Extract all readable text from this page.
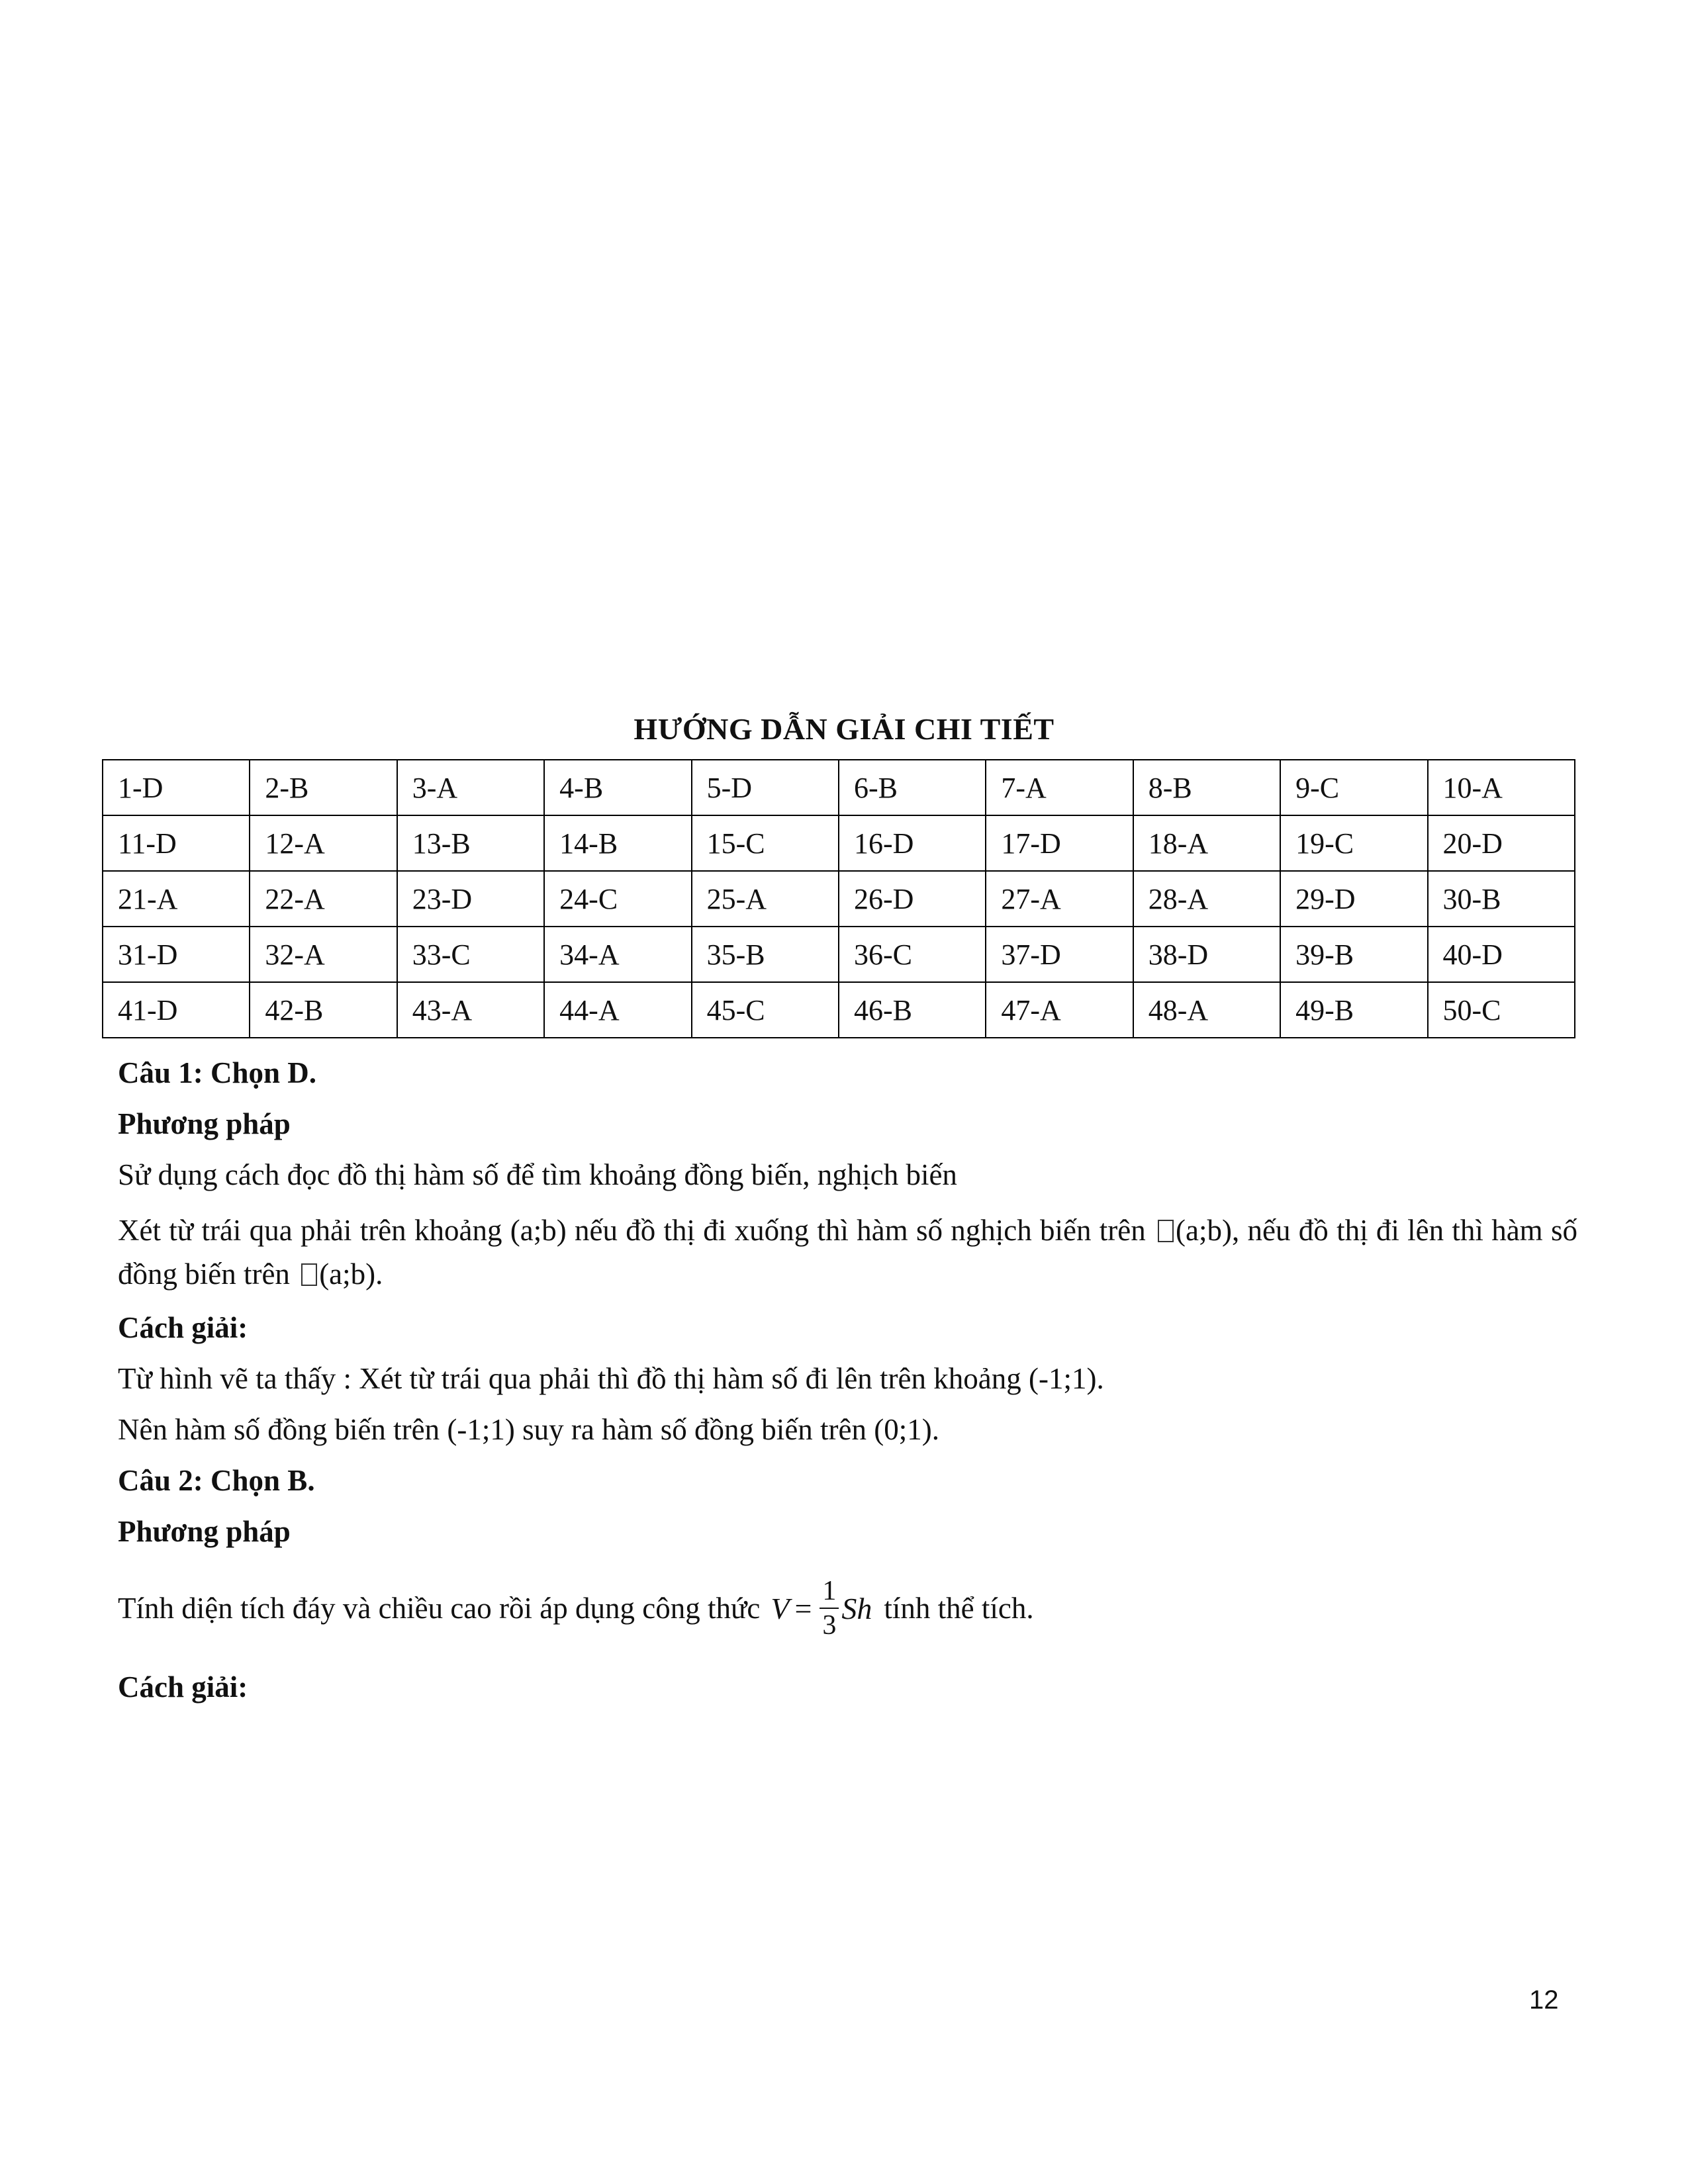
HƯỚNG DẪN GIẢI CHI TIẾT
1-D	2-B	3-A	4-B	5-D	6-B	7-A	8-B	9-C	10-A
11-D	12-A	13-B	14-B	15-C	16-D	17-D	18-A	19-C	20-D
21-A	22-A	23-D	24-C	25-A	26-D	27-A	28-A	29-D	30-B
31-D	32-A	33-C	34-A	35-B	36-C	37-D	38-D	39-B	40-D
41-D	42-B	43-A	44-A	45-C	46-B	47-A	48-A	49-B	50-C
Câu 1: Chọn D.
Phương pháp
Sử dụng cách đọc đồ thị hàm số để tìm khoảng đồng biến, nghịch biến
Xét từ trái qua phải trên khoảng (a;b) nếu đồ thị đi xuống thì hàm số nghịch biến trên (a;b), nếu đồ thị đi lên thì hàm số đồng biến trên (a;b).
Cách giải:
Từ hình vẽ ta thấy : Xét từ trái qua phải thì đồ thị hàm số đi lên trên khoảng (-1;1).
Nên hàm số đồng biến trên (-1;1) suy ra hàm số đồng biến trên (0;1).
Câu 2: Chọn B.
Phương pháp
Tính diện tích đáy và chiều cao rồi áp dụng công thức $V = \frac{1}{3}$ Sh tính thể tích.
Cách giải:
12
